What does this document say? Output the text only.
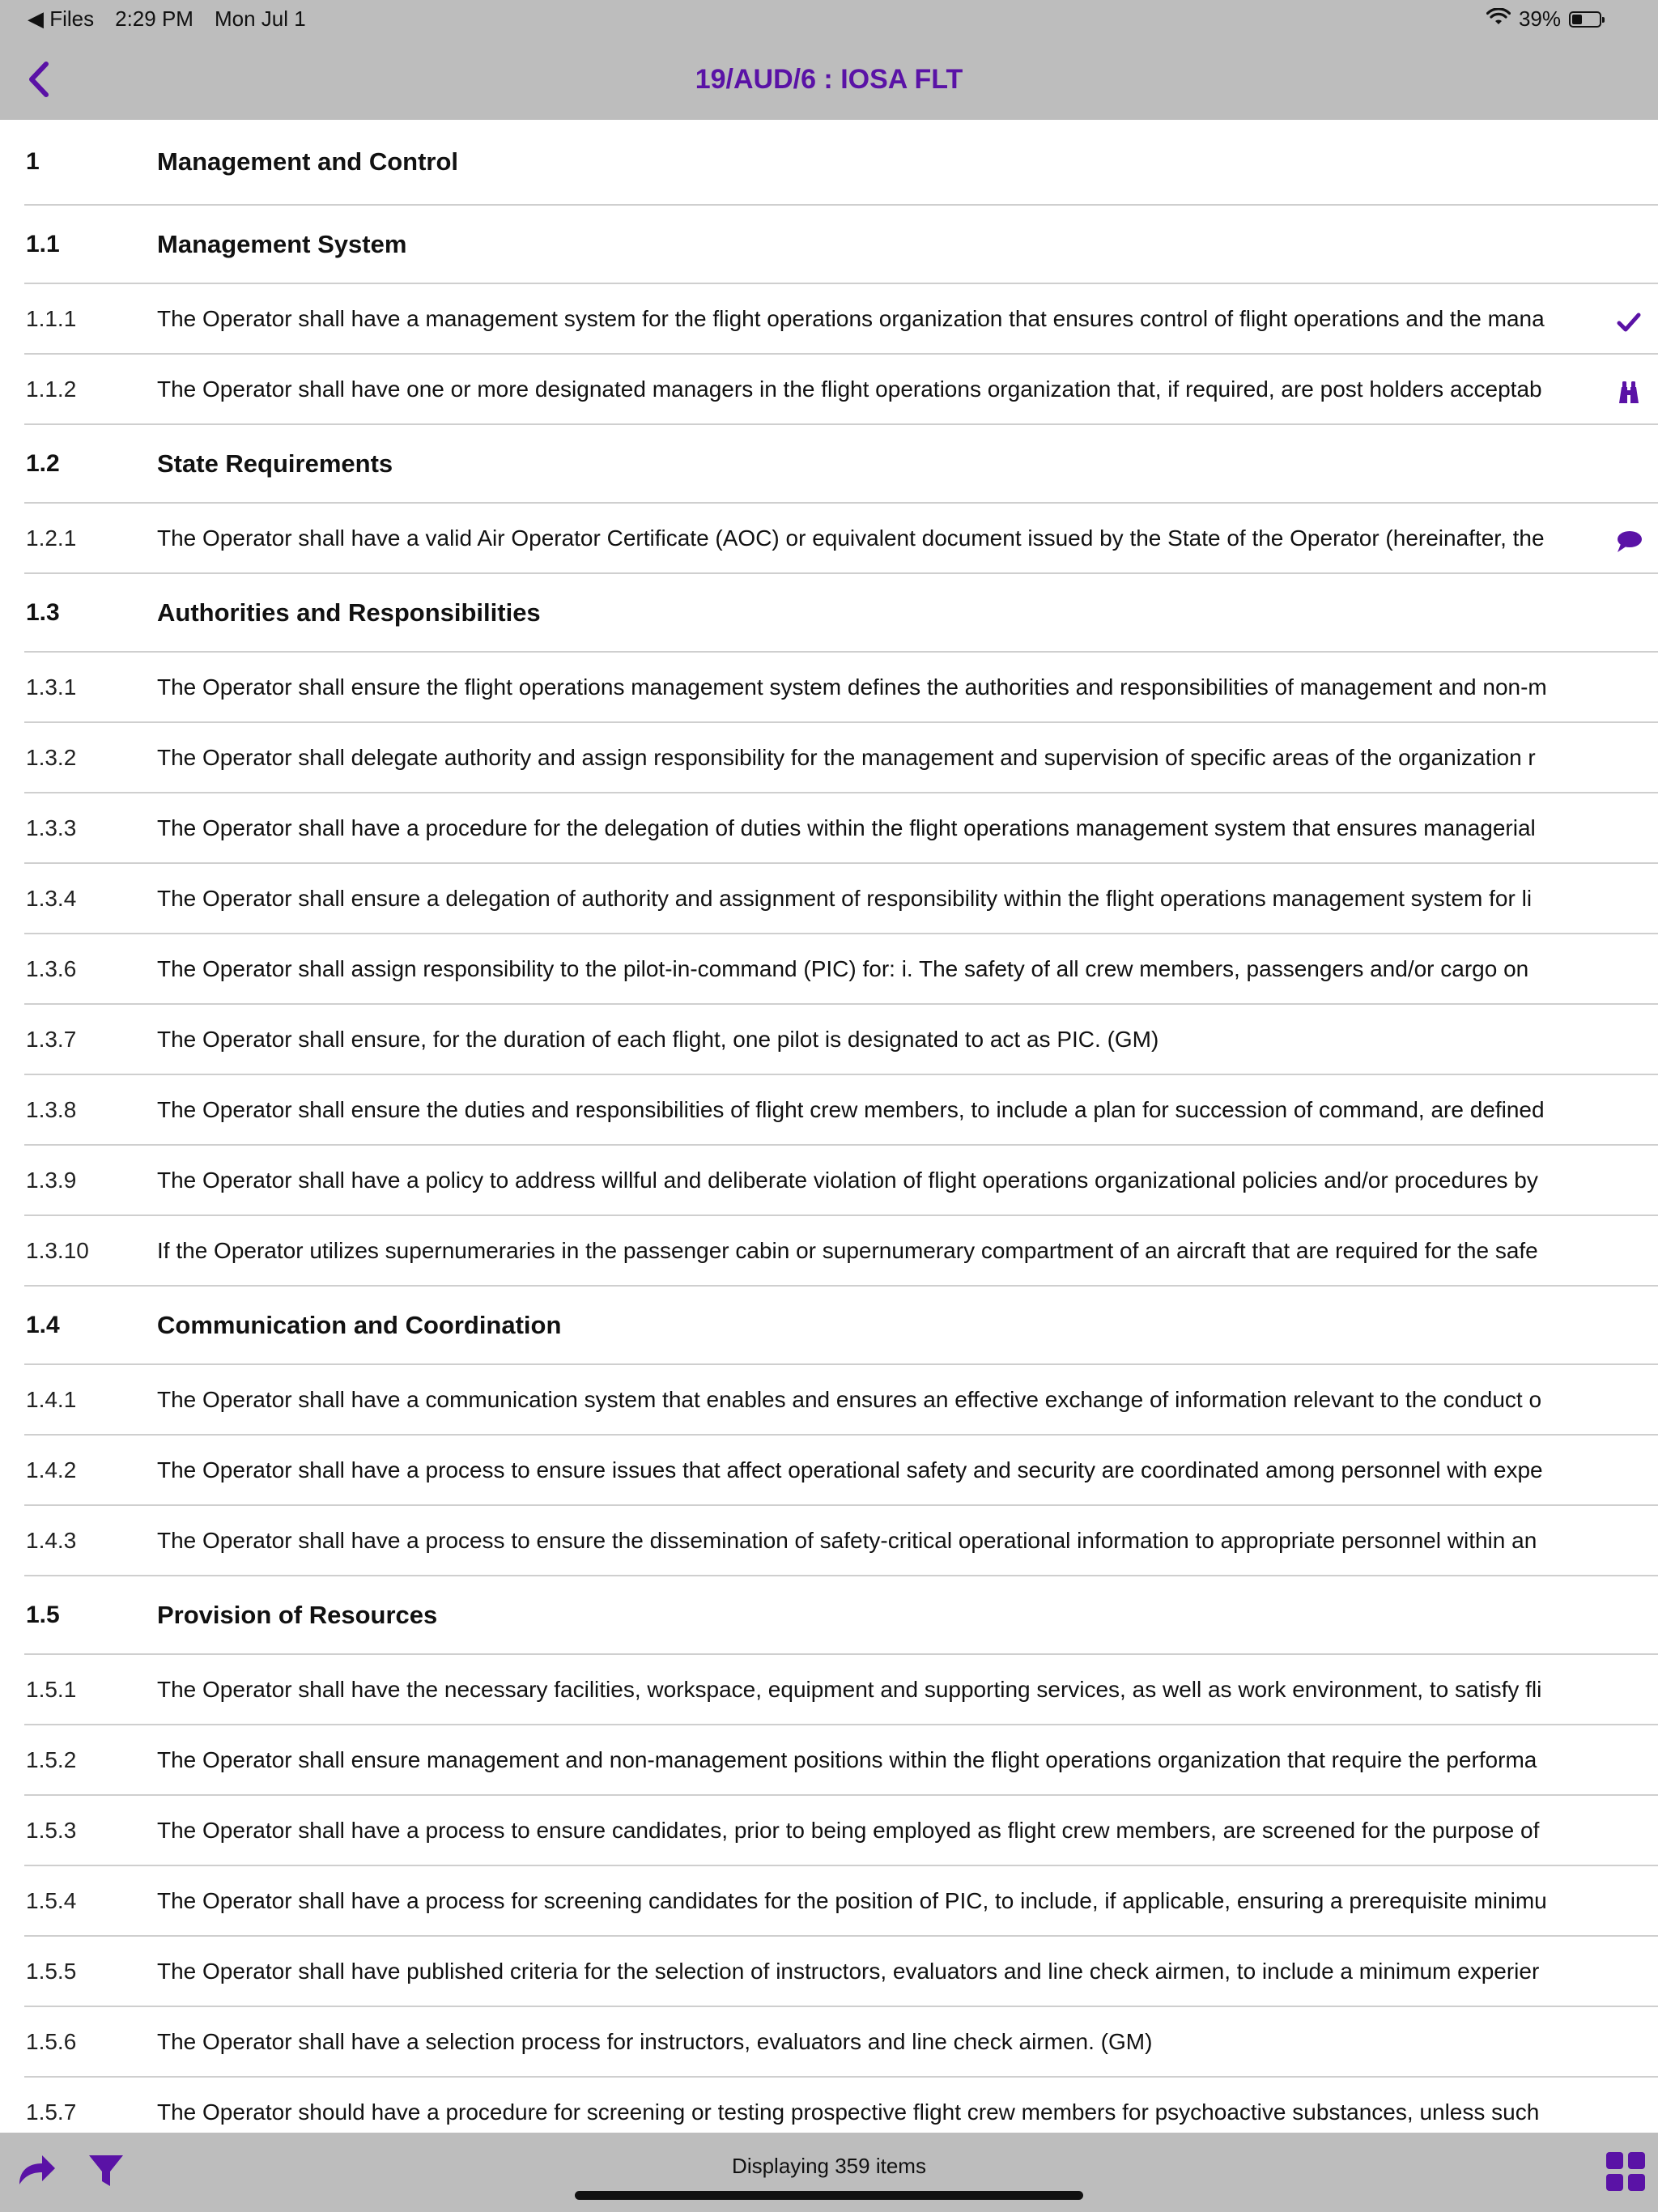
◀ Files 2:29 PM Mon Jul 1	39%
19/AUD/6 : IOSA FLT
1	Management and Control
1.1	Management System
1.1.1	The Operator shall have a management system for the flight operations organization that ensures control of flight operations and the mana
1.1.2	The Operator shall have one or more designated managers in the flight operations organization that, if required, are post holders acceptab
1.2	State Requirements
1.2.1	The Operator shall have a valid Air Operator Certificate (AOC) or equivalent document issued by the State of the Operator (hereinafter, the
1.3	Authorities and Responsibilities
1.3.1	The Operator shall ensure the flight operations management system defines the authorities and responsibilities of management and non-m
1.3.2	The Operator shall delegate authority and assign responsibility for the management and supervision of specific areas of the organization r
1.3.3	The Operator shall have a procedure for the delegation of duties within the flight operations management system that ensures managerial
1.3.4	The Operator shall ensure a delegation of authority and assignment of responsibility within the flight operations management system for li
1.3.6	The Operator shall assign responsibility to the pilot-in-command (PIC) for: i. The safety of all crew members, passengers and/or cargo on
1.3.7	The Operator shall ensure, for the duration of each flight, one pilot is designated to act as PIC. (GM)
1.3.8	The Operator shall ensure the duties and responsibilities of flight crew members, to include a plan for succession of command, are defined
1.3.9	The Operator shall have a policy to address willful and deliberate violation of flight operations organizational policies and/or procedures by
1.3.10	If the Operator utilizes supernumeraries in the passenger cabin or supernumerary compartment of an aircraft that are required for the safe
1.4	Communication and Coordination
1.4.1	The Operator shall have a communication system that enables and ensures an effective exchange of information relevant to the conduct o
1.4.2	The Operator shall have a process to ensure issues that affect operational safety and security are coordinated among personnel with expe
1.4.3	The Operator shall have a process to ensure the dissemination of safety-critical operational information to appropriate personnel within an
1.5	Provision of Resources
1.5.1	The Operator shall have the necessary facilities, workspace, equipment and supporting services, as well as work environment, to satisfy fli
1.5.2	The Operator shall ensure management and non-management positions within the flight operations organization that require the performa
1.5.3	The Operator shall have a process to ensure candidates, prior to being employed as flight crew members, are screened for the purpose of
1.5.4	The Operator shall have a process for screening candidates for the position of PIC, to include, if applicable, ensuring a prerequisite minimu
1.5.5	The Operator shall have published criteria for the selection of instructors, evaluators and line check airmen, to include a minimum experier
1.5.6	The Operator shall have a selection process for instructors, evaluators and line check airmen. (GM)
1.5.7	The Operator should have a procedure for screening or testing prospective flight crew members for psychoactive substances, unless such
Displaying 359 items
